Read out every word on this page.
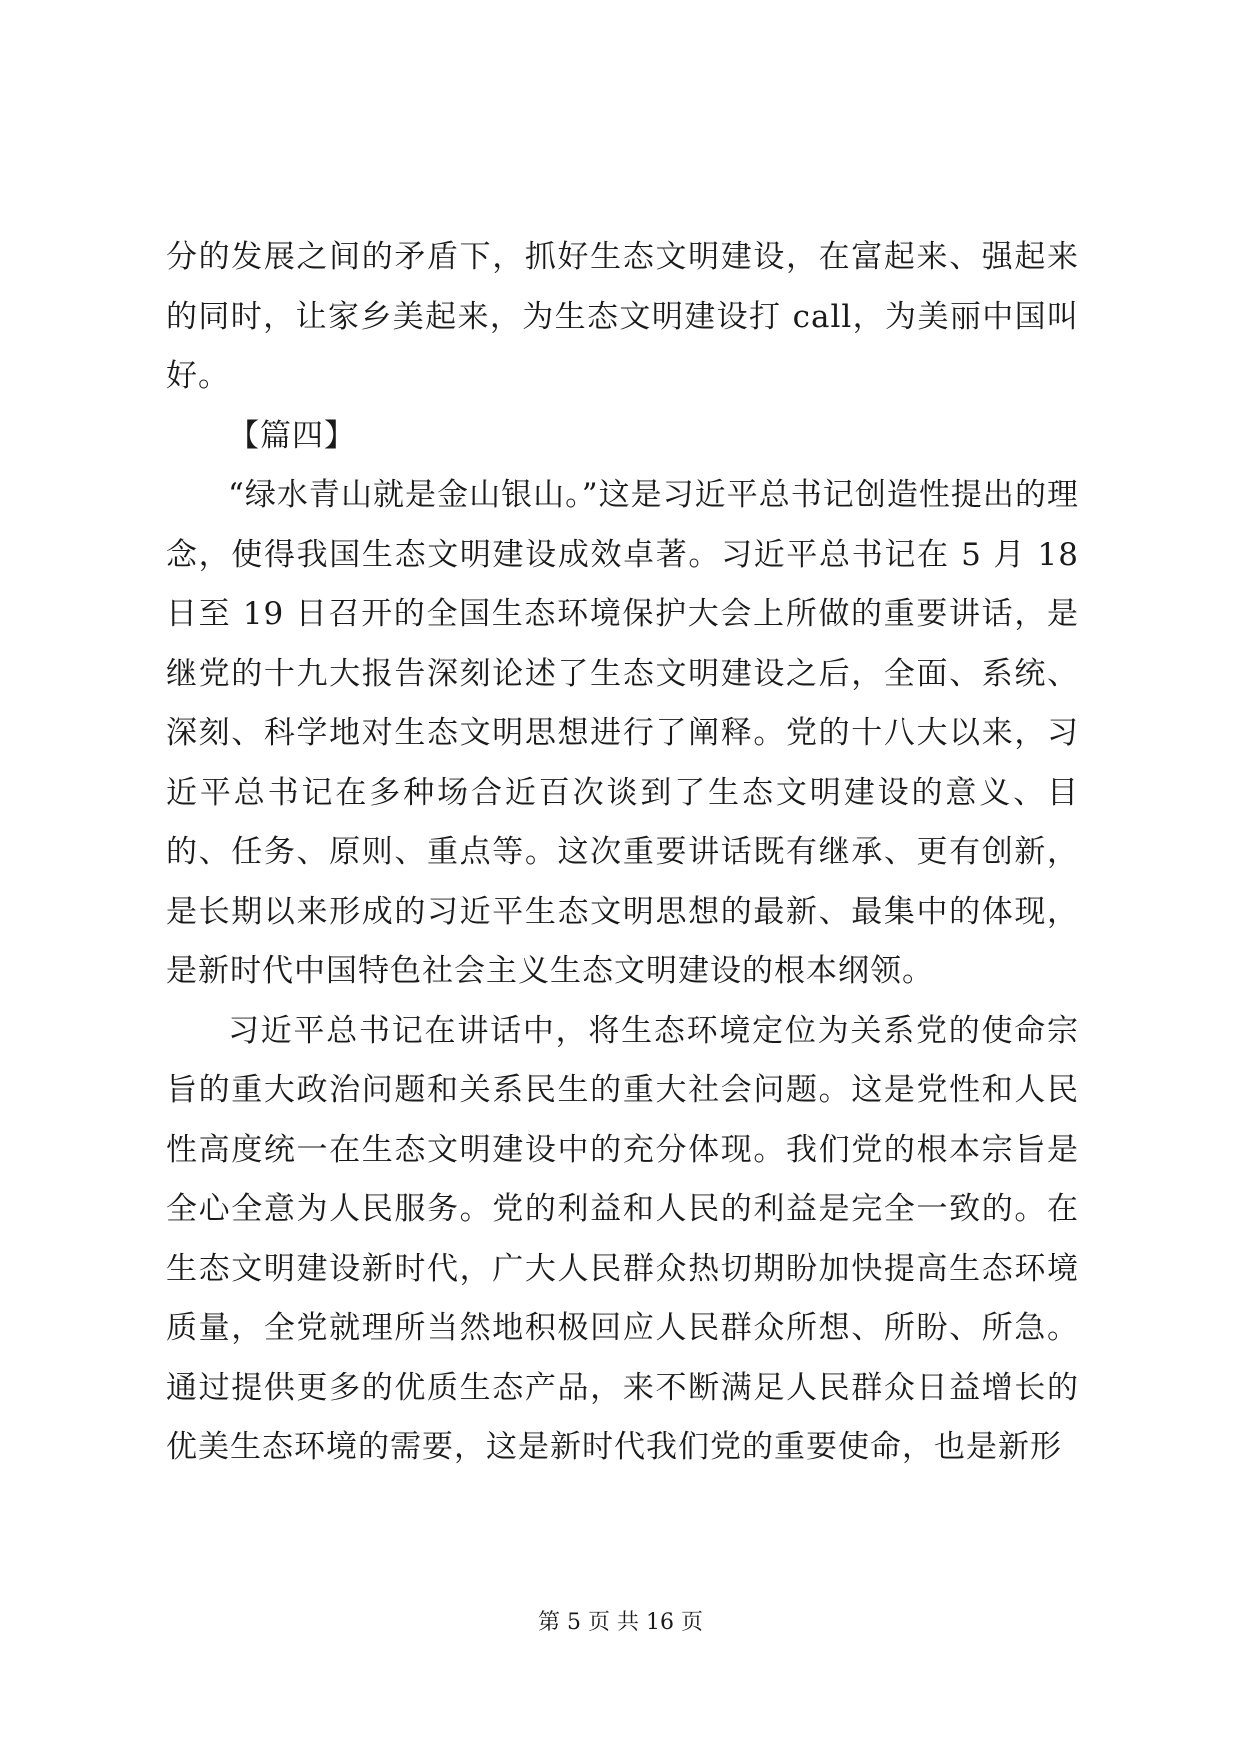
分的发展之间的矛盾下，抓好生态文明建设，在富起来、强起来的同时，让家乡美起来，为生态文明建设打 call，为美丽中国叫好。

【篇四】

“绿水青山就是金山银山。”这是习近平总书记创造性提出的理念，使得我国生态文明建设成效卓著。习近平总书记在 5 月 18 日至 19 日召开的全国生态环境保护大会上所做的重要讲话，是继党的十九大报告深刻论述了生态文明建设之后，全面、系统、深刻、科学地对生态文明思想进行了阐释。党的十八大以来，习近平总书记在多种场合近百次谈到了生态文明建设的意义、目的、任务、原则、重点等。这次重要讲话既有继承、更有创新，是长期以来形成的习近平生态文明思想的最新、最集中的体现，是新时代中国特色社会主义生态文明建设的根本纲领。

习近平总书记在讲话中，将生态环境定位为关系党的使命宗旨的重大政治问题和关系民生的重大社会问题。这是党性和人民性高度统一在生态文明建设中的充分体现。我们党的根本宗旨是全心全意为人民服务。党的利益和人民的利益是完全一致的。在生态文明建设新时代，广大人民群众热切期盼加快提高生态环境质量，全党就理所当然地积极回应人民群众所想、所盼、所急。通过提供更多的优质生态产品，来不断满足人民群众日益增长的优美生态环境的需要，这是新时代我们党的重要使命，也是新形

第 5 页 共 16 页
